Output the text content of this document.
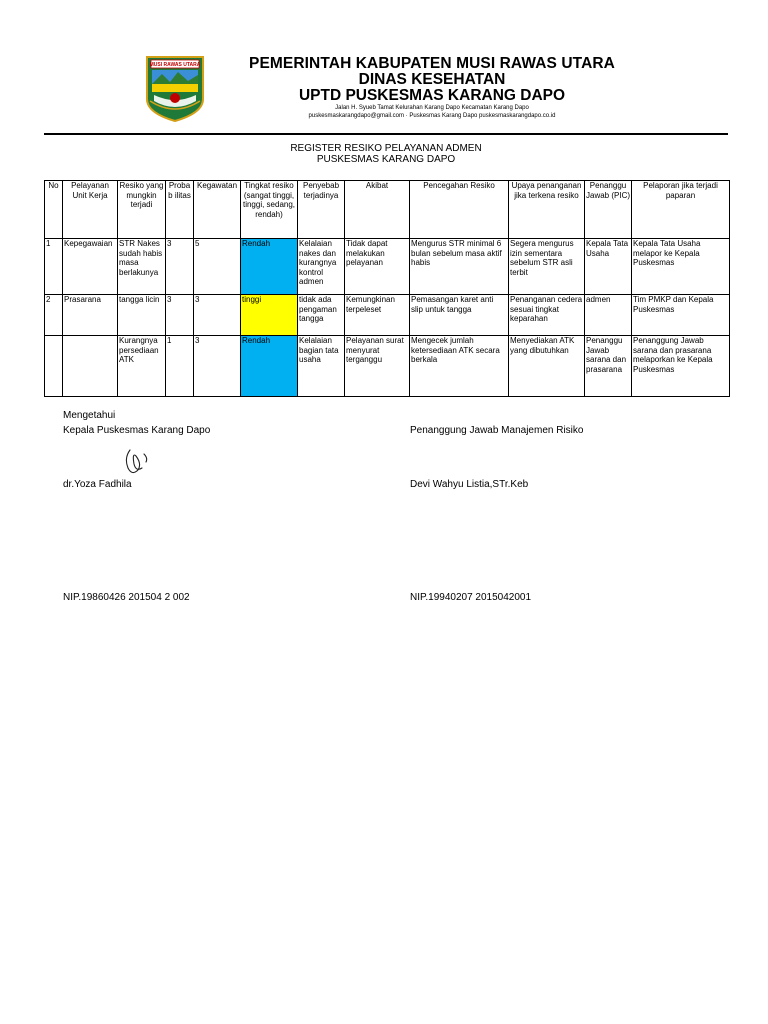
MUSI RAWAS UTARA	PEMERINTAH KABUPATEN MUSI RAWAS UTARA
DINAS KESEHATAN
UPTD PUSKESMAS KARANG DAPO
Jalan H. Syueb Tamat Kelurahan Karang Dapo Kecamatan Karang Dapo
puskesmaskarangdapo@gmail.com · Puskesmas Karang Dapo puskesmaskarangdapo.co.id
REGISTER RESIKO PELAYANAN ADMEN
PUSKESMAS KARANG DAPO
No	Pelayanan Unit Kerja	Resiko yang mungkin terjadi	Probab ilitas	Kegawatan	Tingkat resiko (sangat tinggi, tinggi, sedang, rendah)	Penyebab terjadinya	Akibat	Pencegahan Resiko	Upaya penanganan jika terkena resiko	Penanggu Jawab (PIC)	Pelaporan jika terjadi paparan
1	Kepegawaian	STR Nakes sudah habis masa berlakunya	3	5	Rendah	Kelalaian nakes dan kurangnya kontrol admen	Tidak dapat melakukan pelayanan	Mengurus STR minimal 6 bulan sebelum masa aktif habis	Segera mengurus izin sementara sebelum STR asli terbit	Kepala Tata Usaha	Kepala Tata Usaha melapor ke Kepala Puskesmas
2	Prasarana	tangga licin	3	3	tinggi	tidak ada pengaman tangga	Kemungkinan terpeleset	Pemasangan karet anti slip untuk tangga	Penanganan cedera sesuai tingkat keparahan	admen	Tim PMKP dan Kepala Puskesmas
		Kurangnya persediaan ATK	1	3	Rendah	Kelalaian bagian tata usaha	Pelayanan surat menyurat terganggu	Mengecek jumlah ketersediaan ATK secara berkala	Menyediakan ATK yang dibutuhkan	Penanggu Jawab sarana dan prasarana	Penanggung Jawab sarana dan prasarana melaporkan ke Kepala Puskesmas
Mengetahui
Kepala Puskesmas Karang Dapo
dr.Yoza Fadhila
NIP.19860426 201504 2 002
Penanggung Jawab Manajemen Risiko
Devi Wahyu Listia,STr.Keb
NIP.19940207 2015042001
